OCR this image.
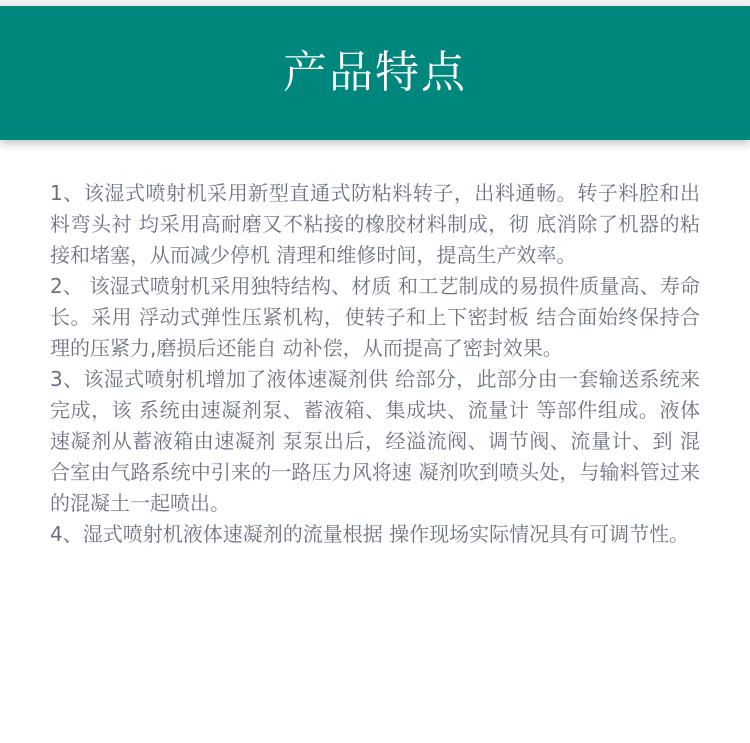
产品特点

1、该湿式喷射机采用新型直通式防粘料转子，出料通畅。转子料腔和出料弯头衬 均采用高耐磨又不粘接的橡胶材料制成，彻 底消除了机器的粘接和堵塞，从而减少停机 清理和维修时间，提高生产效率。

2、 该湿式喷射机采用独特结构、材质 和工艺制成的易损件质量高、寿命长。采用 浮动式弹性压紧机构，使转子和上下密封板 结合面始终保持合理的压紧力,磨损后还能自 动补偿，从而提高了密封效果。

3、该湿式喷射机增加了液体速凝剂供 给部分，此部分由一套输送系统来完成，该 系统由速凝剂泵、蓄液箱、集成块、流量计 等部件组成。液体速凝剂从蓄液箱由速凝剂 泵泵出后，经溢流阀、调节阀、流量计、到 混合室由气路系统中引来的一路压力风将速 凝剂吹到喷头处，与输料管过来的混凝土一起喷出。

4、湿式喷射机液体速凝剂的流量根据 操作现场实际情况具有可调节性。
